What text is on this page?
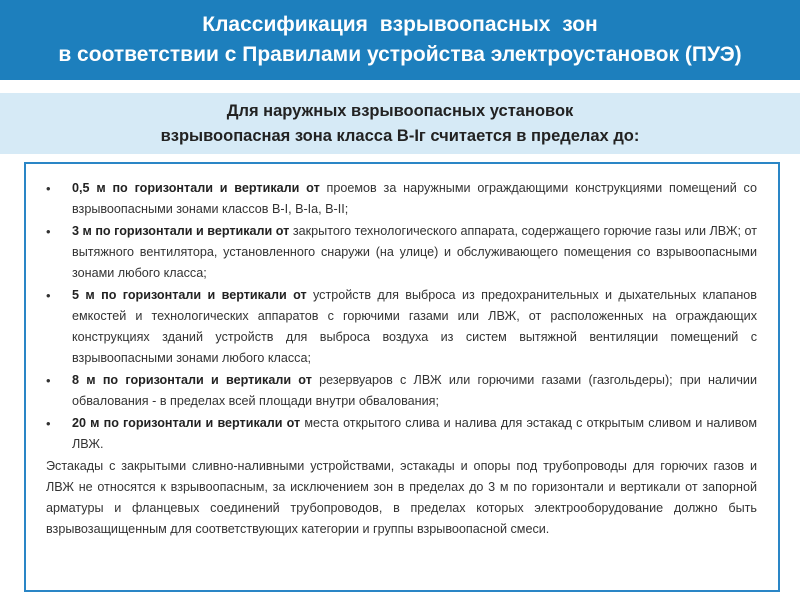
Классификация взрывоопасных зон
в соответствии с Правилами устройства электроустановок (ПУЭ)
Для наружных взрывоопасных установок
взрывоопасная зона класса В-Iг считается в пределах до:
• 0,5 м по горизонтали и вертикали от проемов за наружными ограждающими конструкциями помещений со взрывоопасными зонами классов В-I, В-Iа, В-II;
• 3 м по горизонтали и вертикали от закрытого технологического аппарата, содержащего горючие газы или ЛВЖ; от вытяжного вентилятора, установленного снаружи (на улице) и обслуживающего помещения со взрывоопасными зонами любого класса;
• 5 м по горизонтали и вертикали от устройств для выброса из предохранительных и дыхательных клапанов емкостей и технологических аппаратов с горючими газами или ЛВЖ, от расположенных на ограждающих конструкциях зданий устройств для выброса воздуха из систем вытяжной вентиляции помещений с взрывоопасными зонами любого класса;
• 8 м по горизонтали и вертикали от резервуаров с ЛВЖ или горючими газами (газгольдеры); при наличии обвалования - в пределах всей площади внутри обвалования;
• 20 м по горизонтали и вертикали от места открытого слива и налива для эстакад с открытым сливом и наливом ЛВЖ.
Эстакады с закрытыми сливно-наливными устройствами, эстакады и опоры под трубопроводы для горючих газов и ЛВЖ не относятся к взрывоопасным, за исключением зон в пределах до 3 м по горизонтали и вертикали от запорной арматуры и фланцевых соединений трубопроводов, в пределах которых электрооборудование должно быть взрывозащищенным для соответствующих категории и группы взрывоопасной смеси.
